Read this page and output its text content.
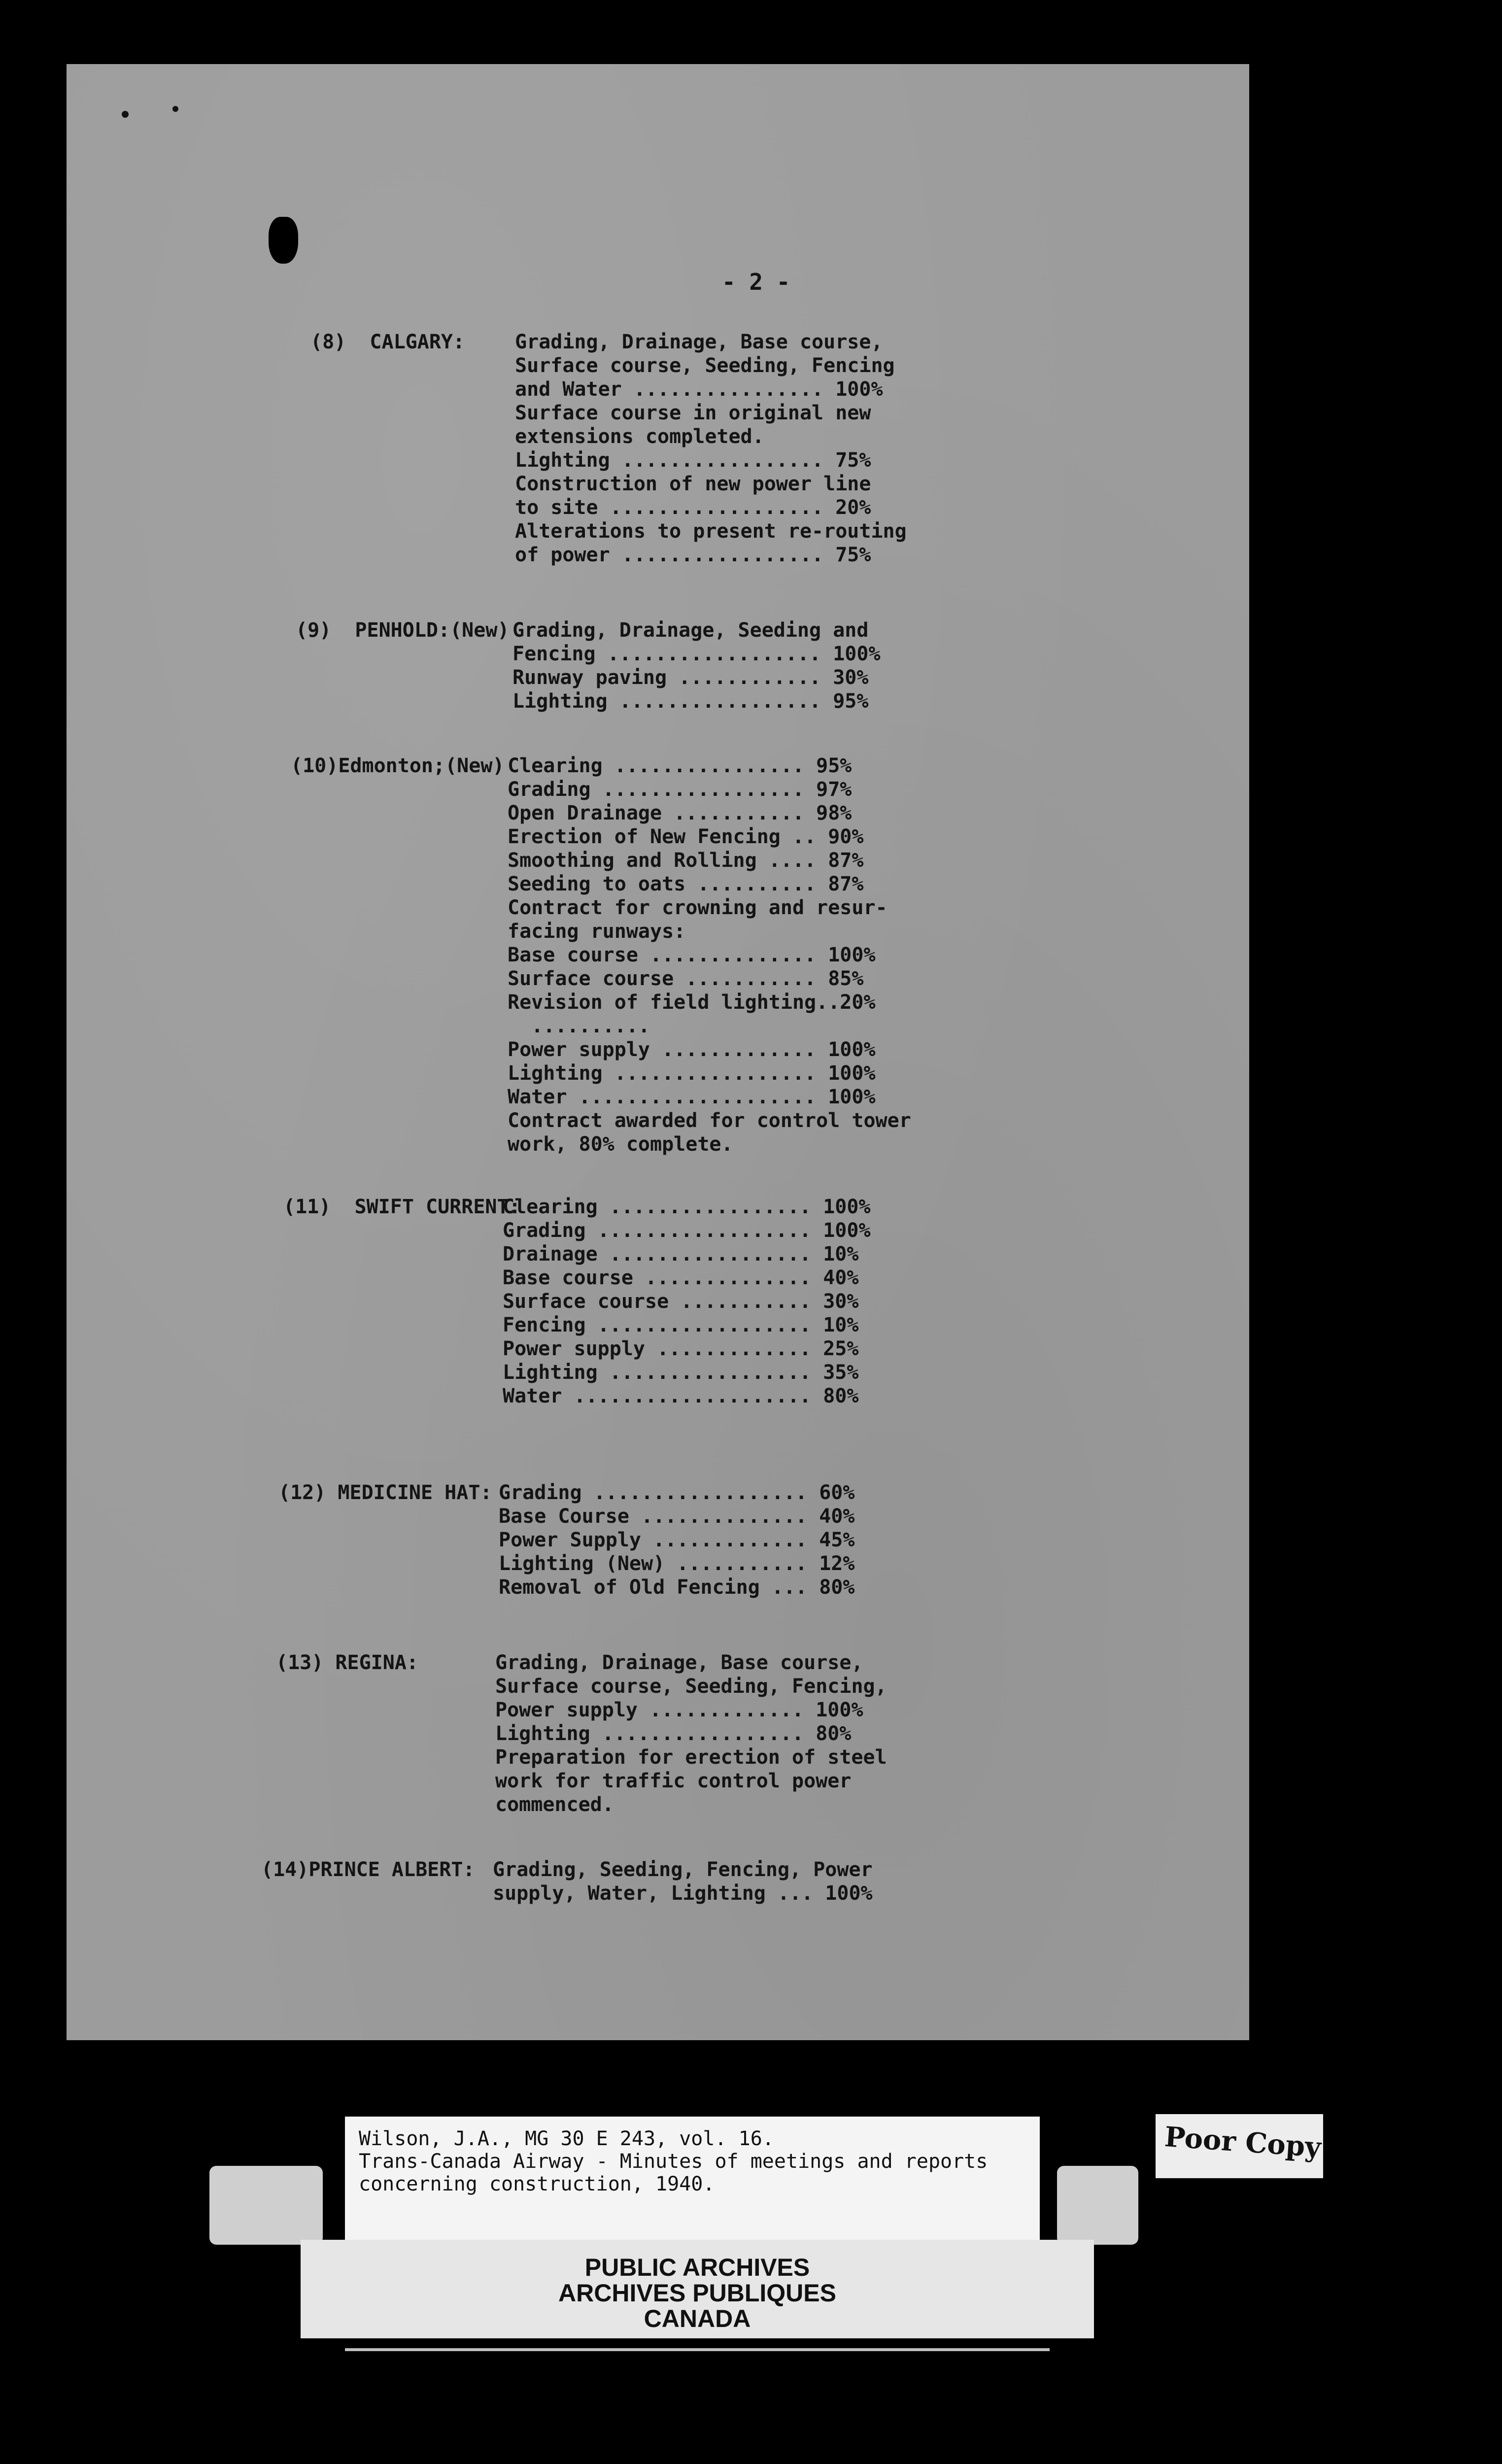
- 2 -
(8)  CALGARY:	Grading, Drainage, Base course,
Surface course, Seeding, Fencing
and Water ................ 100%
Surface course in original new
extensions completed.
Lighting ................. 75%
Construction of new power line
to site .................. 20%
Alterations to present re-routing
of power ................. 75%
(9)  PENHOLD:(New) Grading, Drainage, Seeding and
Fencing .................. 100%
Runway paving ............ 30%
Lighting ................. 95%
(10)Edmonton;(New) Clearing ................ 95%
Grading ................. 97%
Open Drainage ........... 98%
Erection of New Fencing .. 90%
Smoothing and Rolling .... 87%
Seeding to oats .......... 87%
Contract for crowning and resur-
facing runways:
Base course .............. 100%
Surface course ........... 85%
Revision of field lighting..20%
..........
Power supply ............. 100%
Lighting ................. 100%
Water .................... 100%
Contract awarded for control tower
work, 80% complete.
(11)  SWIFT CURRENT:
Clearing ................. 100%
Grading .................. 100%
Drainage ................. 10%
Base course .............. 40%
Surface course ........... 30%
Fencing .................. 10%
Power supply ............. 25%
Lighting ................. 35%
Water .................... 80%
(12) MEDICINE HAT: Grading .................. 60%
Base Course .............. 40%
Power Supply ............. 45%
Lighting (New) ........... 12%
Removal of Old Fencing ... 80%
(13) REGINA:	Grading, Drainage, Base course,
Surface course, Seeding, Fencing,
Power supply ............. 100%
Lighting ................. 80%
Preparation for erection of steel
work for traffic control power
commenced.
(14)PRINCE ALBERT: Grading, Seeding, Fencing, Power
supply, Water, Lighting ... 100%
Wilson, J.A., MG 30 E 243, vol. 16.
Trans-Canada Airway - Minutes of meetings and reports
concerning construction, 1940.
PUBLIC ARCHIVES
ARCHIVES PUBLIQUES
CANADA
Poor Copy
